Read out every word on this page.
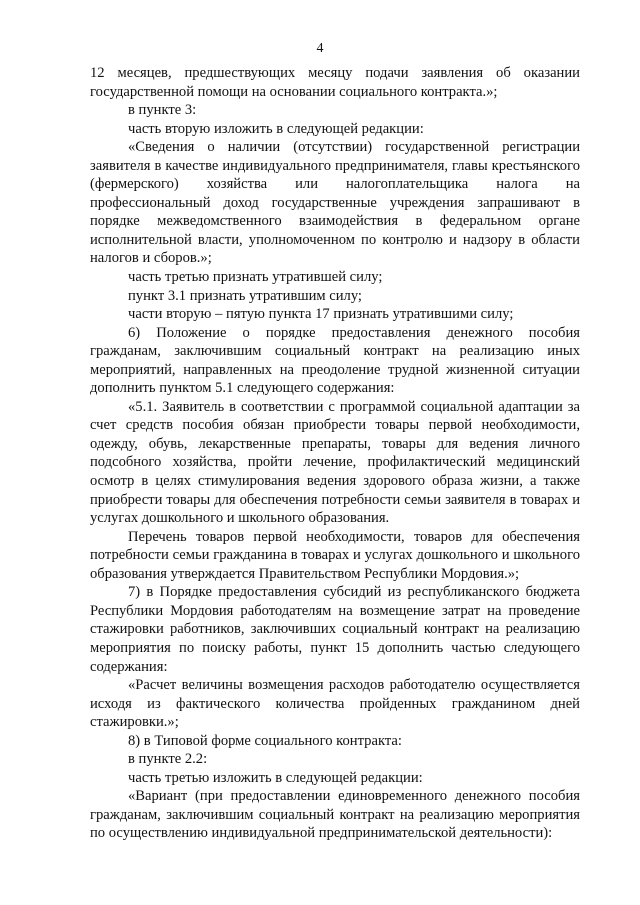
4

12 месяцев, предшествующих месяцу подачи заявления об оказании государственной помощи на основании социального контракта.»;

в пункте 3:

часть вторую изложить в следующей редакции:

«Сведения о наличии (отсутствии) государственной регистрации заявителя в качестве индивидуального предпринимателя, главы крестьянского (фермерского) хозяйства или налогоплательщика налога на профессиональный доход государственные учреждения запрашивают в порядке межведомственного взаимодействия в федеральном органе исполнительной власти, уполномоченном по контролю и надзору в области налогов и сборов.»;

часть третью признать утратившей силу;

пункт 3.1 признать утратившим силу;

части вторую – пятую пункта 17 признать утратившими силу;

6) Положение о порядке предоставления денежного пособия гражданам, заключившим социальный контракт на реализацию иных мероприятий, направленных на преодоление трудной жизненной ситуации дополнить пунктом 5.1 следующего содержания:

«5.1. Заявитель в соответствии с программой социальной адаптации за счет средств пособия обязан приобрести товары первой необходимости, одежду, обувь, лекарственные препараты, товары для ведения личного подсобного хозяйства, пройти лечение, профилактический медицинский осмотр в целях стимулирования ведения здорового образа жизни, а также приобрести товары для обеспечения потребности семьи заявителя в товарах и услугах дошкольного и школьного образования.

Перечень товаров первой необходимости, товаров для обеспечения потребности семьи гражданина в товарах и услугах дошкольного и школьного образования утверждается Правительством Республики Мордовия.»;

7) в Порядке предоставления субсидий из республиканского бюджета Республики Мордовия работодателям на возмещение затрат на проведение стажировки работников, заключивших социальный контракт на реализацию мероприятия по поиску работы, пункт 15 дополнить частью следующего содержания:

«Расчет величины возмещения расходов работодателю осуществляется исходя из фактического количества пройденных гражданином дней стажировки.»;

8) в Типовой форме социального контракта:

в пункте 2.2:

часть третью изложить в следующей редакции:

«Вариант (при предоставлении единовременного денежного пособия гражданам, заключившим социальный контракт на реализацию мероприятия по осуществлению индивидуальной предпринимательской деятельности):
